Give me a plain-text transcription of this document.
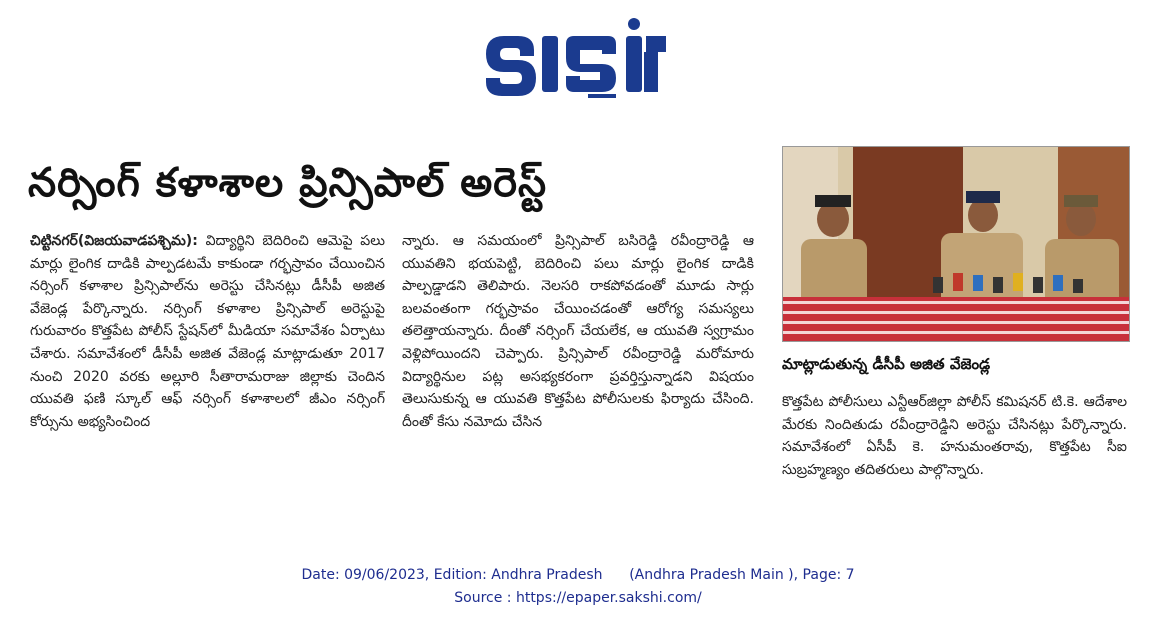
నర్సింగ్ కళాశాల ప్రిన్సిపాల్ అరెస్ట్
చిట్టినగర్(విజయవాడపశ్చిమ): విద్యార్థిని బెదిరించి ఆమెపై పలు మార్లు లైంగిక దాడికి పాల్పడటమే కాకుండా గర్భస్రావం చేయించిన నర్సింగ్ కళాశాల ప్రిన్సిపాల్‌ను అరెస్టు చేసినట్లు డీసీపీ అజిత వేజెండ్ల పేర్కొన్నారు. నర్సింగ్ కళాశాల ప్రిన్సిపాల్ అరెస్టుపై గురువారం కొత్తపేట పోలీస్ స్టేషన్‌లో మీడియా సమావేశం ఏర్పాటు చేశారు. సమావేశంలో డీసీపీ అజిత వేజెండ్ల మాట్లాడుతూ 2017 నుంచి 2020 వరకు అల్లూరి సీతారామరాజు జిల్లాకు చెందిన యువతి ఫణి స్కూల్ ఆఫ్ నర్సింగ్ కళాశాలలో జీఎం నర్సింగ్ కోర్సును అభ్యసించింద
న్నారు. ఆ సమయంలో ప్రిన్సిపాల్ బసిరెడ్డి రవీంద్రారెడ్డి ఆ యువతిని భయపెట్టి, బెదిరించి పలు మార్లు లైంగిక దాడికి పాల్పడ్డాడని తెలిపారు. నెలసరి రాకపోవడంతో మూడు సార్లు బలవంతంగా గర్భస్రావం చేయించడంతో ఆరోగ్య సమస్యలు తలెత్తాయన్నారు. దీంతో నర్సింగ్ చేయలేక, ఆ యువతి స్వగ్రామం వెళ్లిపోయిందని చెప్పారు. ప్రిన్సిపాల్ రవీంద్రారెడ్డి మరోమారు విద్యార్థినుల పట్ల అసభ్యకరంగా ప్రవర్తిస్తున్నాడని విషయం తెలుసుకున్న ఆ యువతి కొత్తపేట పోలీసులకు ఫిర్యాదు చేసింది. దీంతో కేసు నమోదు చేసిన
మాట్లాడుతున్న డీసీపీ అజిత వేజెండ్ల
కొత్తపేట పోలీసులు ఎన్టీఆర్‌జిల్లా పోలీస్ కమిషనర్ టి.కె. ఆదేశాల మేరకు నిందితుడు రవీంద్రారెడ్డిని అరెస్టు చేసినట్లు పేర్కొన్నారు. సమావేశంలో ఏసీపీ కె. హనుమంతరావు, కొత్తపేట సీఐ సుబ్రహ్మణ్యం తదితరులు పాల్గొన్నారు.
Date: 09/06/2023, Edition: Andhra Pradesh      (Andhra Pradesh Main ), Page: 7
Source : https://epaper.sakshi.com/
